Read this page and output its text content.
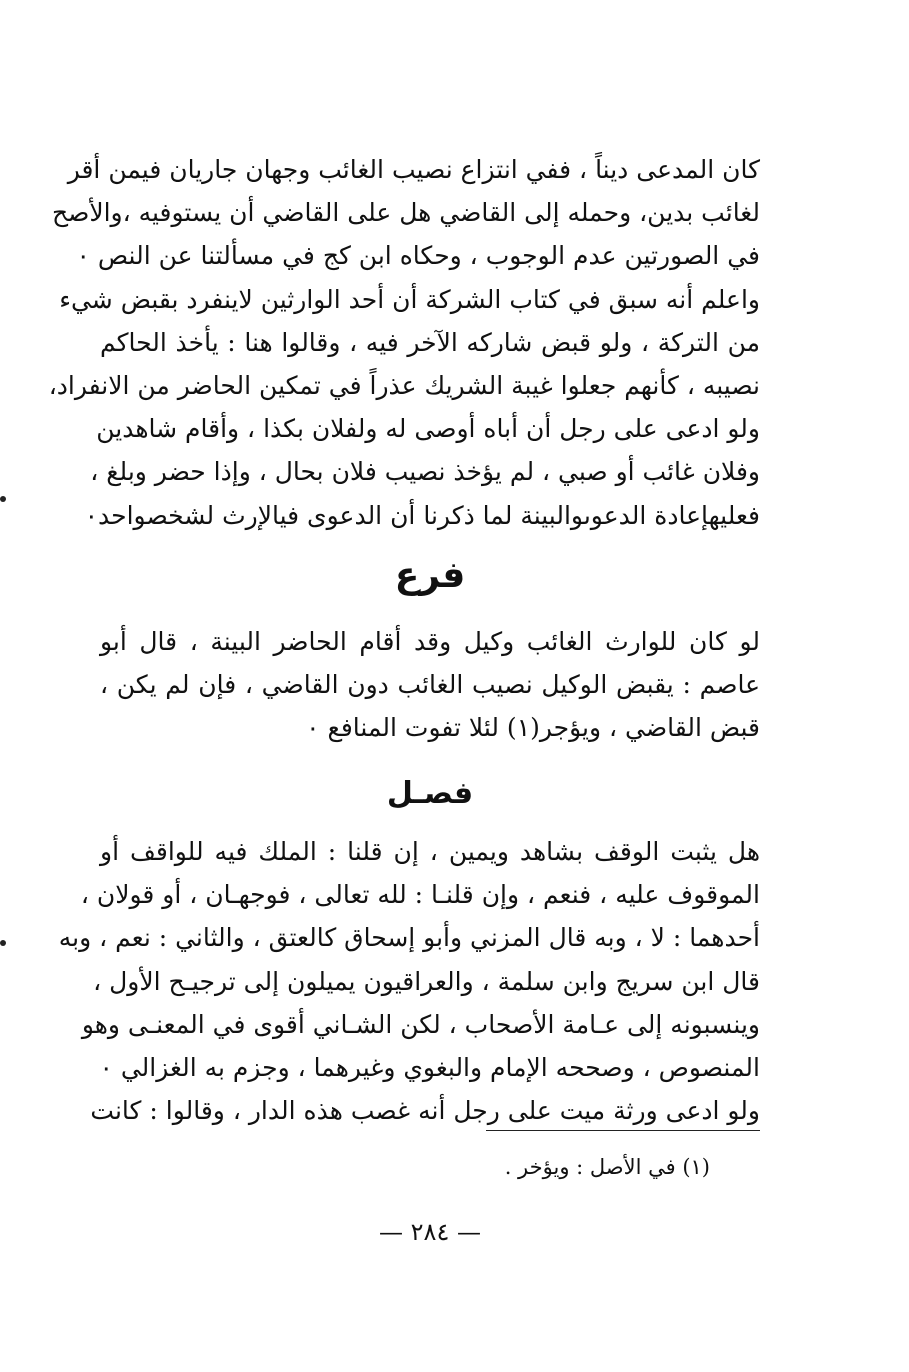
كان المدعى ديناً ، ففي انتزاع نصيب الغائب وجهان جاريان فيمن أقر
لغائب بدين، وحمله إلى القاضي هل على القاضي أن يستوفيه ،والأصح
في الصورتين عدم الوجوب ، وحكاه ابن كج في مسألتنا عن النص ٠
واعلم أنه سبق في كتاب الشركة أن أحد الوارثين لاينفرد بقبض شيء
من التركة ، ولو قبض شاركه الآخر فيه ، وقالوا هنا : يأخذ الحاكم
نصيبه ، كأنهم جعلوا غيبة الشريك عذراً في تمكين الحاضر من الانفراد،
ولو ادعى على رجل أن أباه أوصى له ولفلان بكذا ، وأقام شاهدين
وفلان غائب أو صبي ، لم يؤخذ نصيب فلان بحال ، وإذا حضر وبلغ ،
فعليهإعادة الدعوىوالبينة لما ذكرنا أن الدعوى فيالإرث لشخصواحد٠
فرع
لو كان للوارث الغائب وكيل وقد أقام الحاضر البينة ، قال أبو
عاصم : يقبض الوكيل نصيب الغائب دون القاضي ، فإن لم يكن ،
قبض القاضي ، ويؤجر(١) لئلا تفوت المنافع ٠
فصـل
هل يثبت الوقف بشاهد ويمين ، إن قلنا : الملك فيه للواقف أو
الموقوف عليه ، فنعم ، وإن قلنـا : لله تعالى ، فوجهـان ، أو قولان ،
أحدهما : لا ، وبه قال المزني وأبو إسحاق كالعتق ، والثاني : نعم ، وبه
قال ابن سريج وابن سلمة ، والعراقيون يميلون إلى ترجيـح الأول ،
وينسبونه إلى عـامة الأصحاب ، لكن الشـاني أقوى في المعنـى وهو
المنصوص ، وصححه الإمام والبغوي وغيرهما ، وجزم به الغزالي ٠
ولو ادعى ورثة ميت على رجل أنه غصب هذه الدار ، وقالوا : كانت

(١) في الأصل : ويؤخر .

— ٢٨٤ —
